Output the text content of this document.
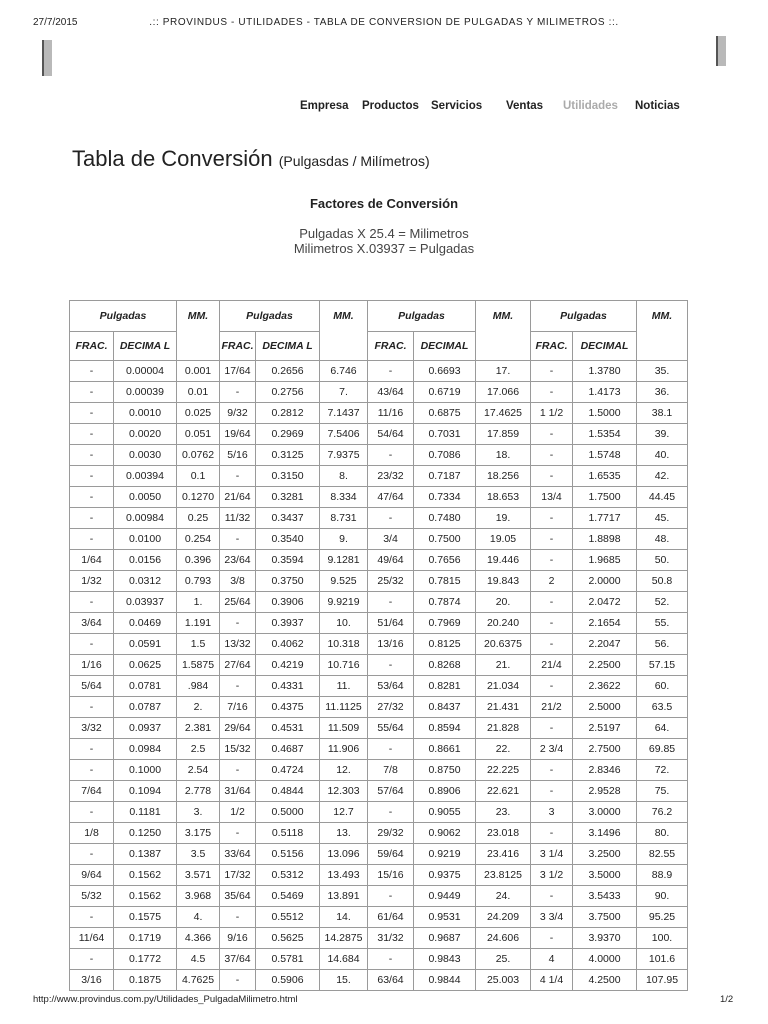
27/7/2015	.:: PROVINDUS - UTILIDADES - TABLA DE CONVERSION DE PULGADAS Y MILIMETROS ::.
Empresa	Productos	Servicios	Ventas	Utilidades	Noticias
Tabla de Conversión (Pulgasdas / Milímetros)
Factores de Conversión
Pulgadas X 25.4 = Milimetros
Milimetros X.03937 = Pulgadas
Pulgadas		MM.	Pulgadas		MM.	Pulgadas		MM.	Pulgadas		MM.
FRAC.	DECIMA L		FRAC.	DECIMA L		FRAC.	DECIMAL		FRAC.	DECIMAL	
-	0.00004	0.001	17/64	0.2656	6.746	-	0.6693	17.	-	1.3780	35.
-	0.00039	0.01	-	0.2756	7.	43/64	0.6719	17.066	-	1.4173	36.
-	0.0010	0.025	9/32	0.2812	7.1437	11/16	0.6875	17.4625	1 1/2	1.5000	38.1
-	0.0020	0.051	19/64	0.2969	7.5406	54/64	0.7031	17.859	-	1.5354	39.
-	0.0030	0.0762	5/16	0.3125	7.9375	-	0.7086	18.	-	1.5748	40.
-	0.00394	0.1	-	0.3150	8.	23/32	0.7187	18.256	-	1.6535	42.
-	0.0050	0.1270	21/64	0.3281	8.334	47/64	0.7334	18.653	13/4	1.7500	44.45
-	0.00984	0.25	11/32	0.3437	8.731	-	0.7480	19.	-	1.7717	45.
-	0.0100	0.254	-	0.3540	9.	3/4	0.7500	19.05	-	1.8898	48.
1/64	0.0156	0.396	23/64	0.3594	9.1281	49/64	0.7656	19.446	-	1.9685	50.
1/32	0.0312	0.793	3/8	0.3750	9.525	25/32	0.7815	19.843	2	2.0000	50.8
-	0.03937	1.	25/64	0.3906	9.9219	-	0.7874	20.	-	2.0472	52.
3/64	0.0469	1.191	-	0.3937	10.	51/64	0.7969	20.240	-	2.1654	55.
-	0.0591	1.5	13/32	0.4062	10.318	13/16	0.8125	20.6375	-	2.2047	56.
1/16	0.0625	1.5875	27/64	0.4219	10.716	-	0.8268	21.	21/4	2.2500	57.15
5/64	0.0781	.984	-	0.4331	11.	53/64	0.8281	21.034	-	2.3622	60.
-	0.0787	2.	7/16	0.4375	11.1125	27/32	0.8437	21.431	21/2	2.5000	63.5
3/32	0.0937	2.381	29/64	0.4531	11.509	55/64	0.8594	21.828	-	2.5197	64.
-	0.0984	2.5	15/32	0.4687	11.906	-	0.8661	22.	2 3/4	2.7500	69.85
-	0.1000	2.54	-	0.4724	12.	7/8	0.8750	22.225	-	2.8346	72.
7/64	0.1094	2.778	31/64	0.4844	12.303	57/64	0.8906	22.621	-	2.9528	75.
-	0.1181	3.	1/2	0.5000	12.7	-	0.9055	23.	3	3.0000	76.2
1/8	0.1250	3.175	-	0.5118	13.	29/32	0.9062	23.018	-	3.1496	80.
-	0.1387	3.5	33/64	0.5156	13.096	59/64	0.9219	23.416	3 1/4	3.2500	82.55
9/64	0.1562	3.571	17/32	0.5312	13.493	15/16	0.9375	23.8125	3 1/2	3.5000	88.9
5/32	0.1562	3.968	35/64	0.5469	13.891	-	0.9449	24.	-	3.5433	90.
-	0.1575	4.	-	0.5512	14.	61/64	0.9531	24.209	3 3/4	3.7500	95.25
11/64	0.1719	4.366	9/16	0.5625	14.2875	31/32	0.9687	24.606	-	3.9370	100.
-	0.1772	4.5	37/64	0.5781	14.684	-	0.9843	25.	4	4.0000	101.6
3/16	0.1875	4.7625	-	0.5906	15.	63/64	0.9844	25.003	4 1/4	4.2500	107.95
http://www.provindus.com.py/Utilidades_PulgadaMilimetro.html	1/2
